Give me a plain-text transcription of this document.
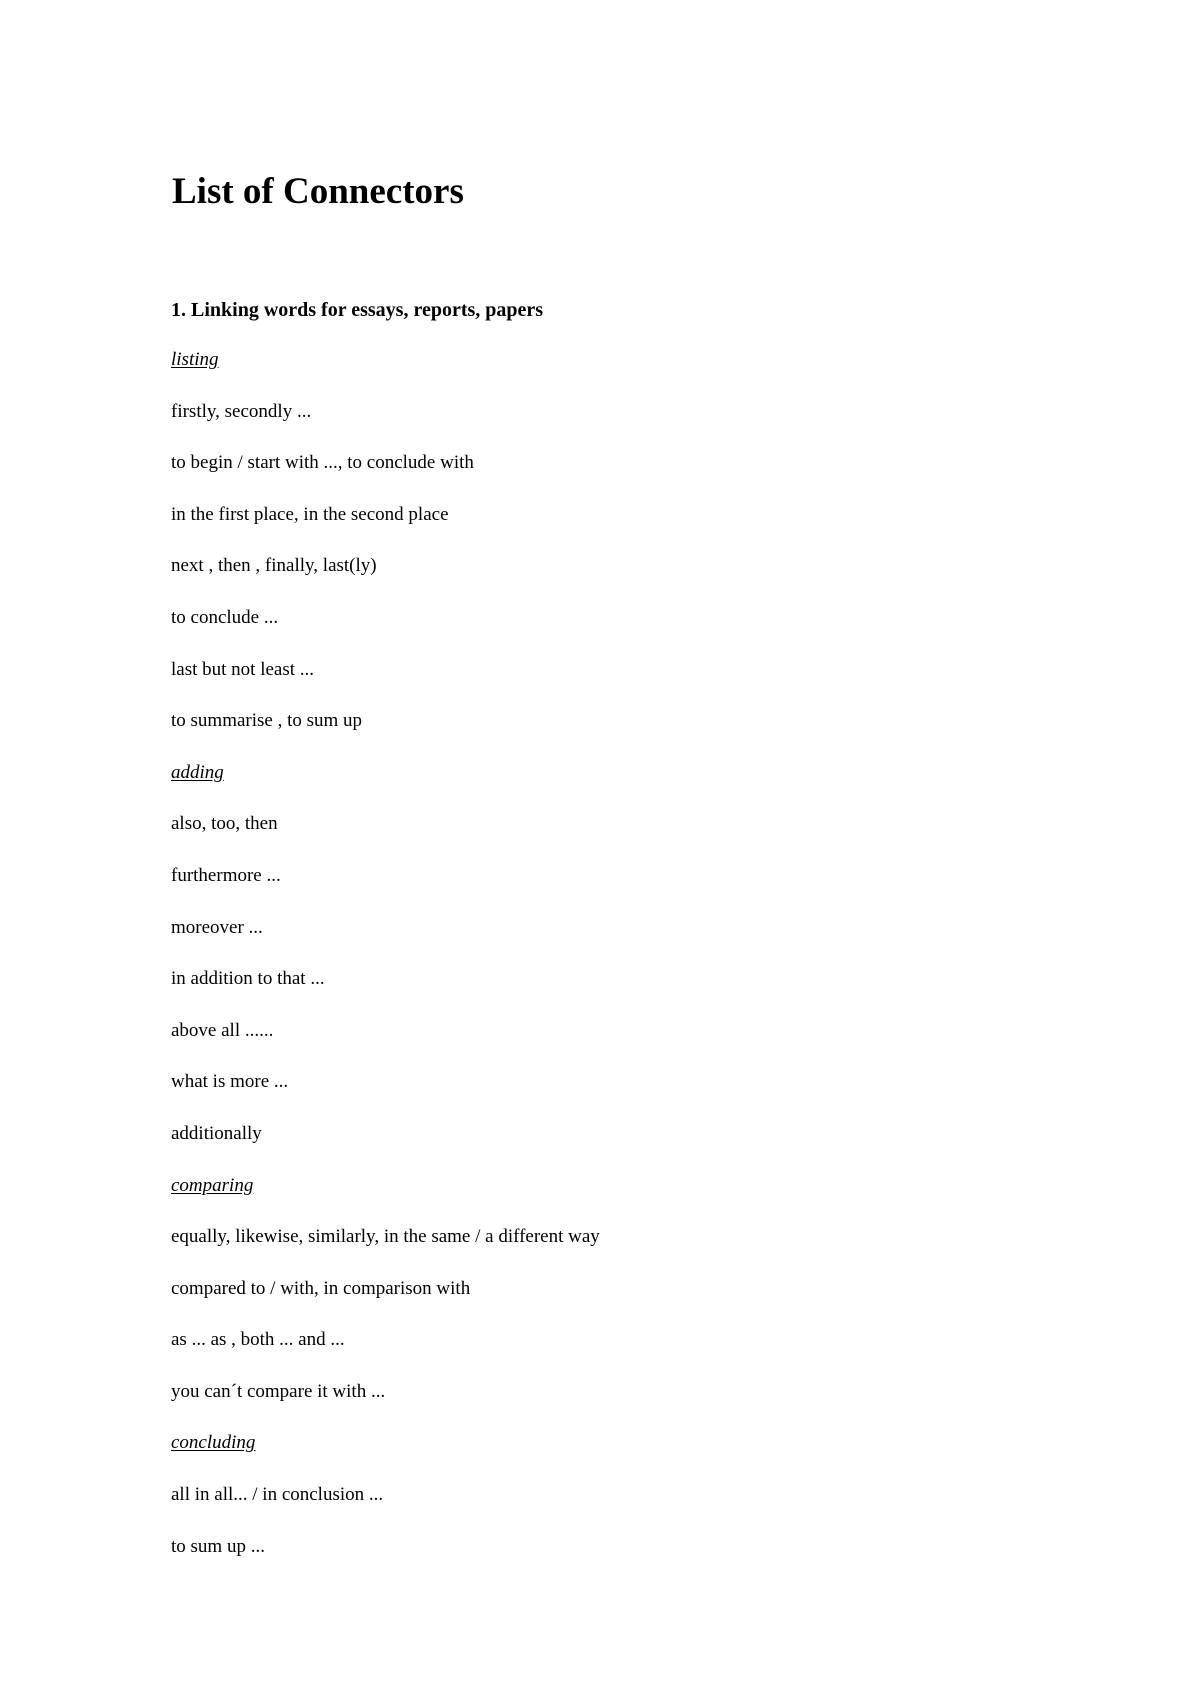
List of Connectors
1. Linking words for essays, reports, papers
listing
firstly, secondly ...
to begin / start with ..., to conclude with
in the first place, in the second place
next , then , finally, last(ly)
to conclude ...
last but not least ...
to summarise , to sum up
adding
also, too, then
furthermore ...
moreover ...
in addition to that ...
above all ......
what is more ...
additionally
comparing
equally, likewise, similarly, in the same / a different way
compared to / with, in comparison with
as ... as , both ... and ...
you can´t compare it with ...
concluding
all in all... / in conclusion ...
to sum up ...
